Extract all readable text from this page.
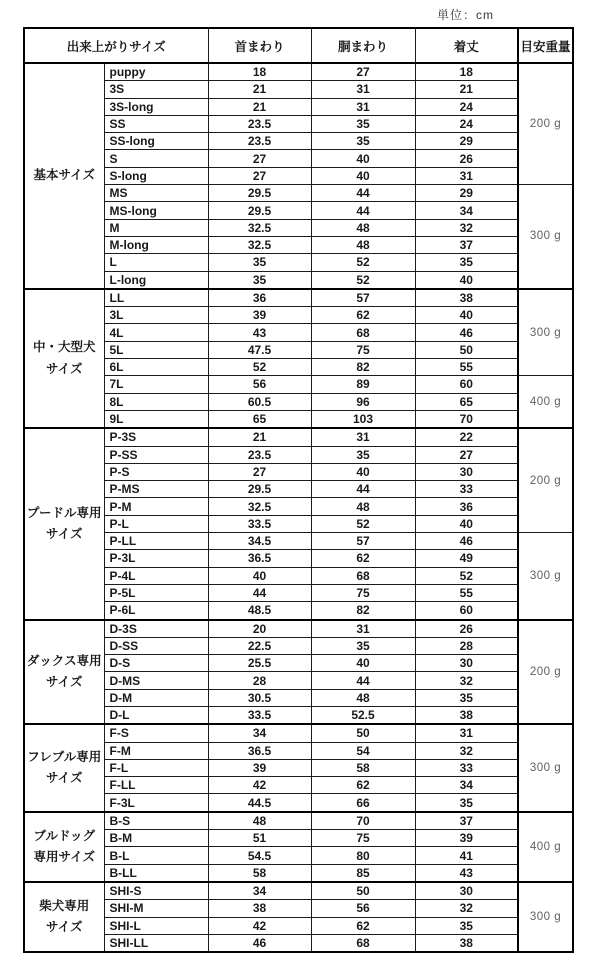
単位：cm
出来上がりサイズ		首まわり	胴まわり	着丈	目安重量

基本サイズ	puppy	18	27	18	200 g
	3S	21	31	21	
	3S-long	21	31	24	
	SS	23.5	35	24	
	SS-long	23.5	35	29	
	S	27	40	26	
	S-long	27	40	31	
	MS	29.5	44	29	300 g
	MS-long	29.5	44	34	
	M	32.5	48	32	
	M-long	32.5	48	37	
	L	35	52	35	
	L-long	35	52	40	

中・大型犬
サイズ	LL	36	57	38	300 g
	3L	39	62	40	
	4L	43	68	46	
	5L	47.5	75	50	
	6L	52	82	55	
	7L	56	89	60	400 g
	8L	60.5	96	65	
	9L	65	103	70	

プードル専用
サイズ	P-3S	21	31	22	200 g
	P-SS	23.5	35	27	
	P-S	27	40	30	
	P-MS	29.5	44	33	
	P-M	32.5	48	36	
	P-L	33.5	52	40	
	P-LL	34.5	57	46	300 g
	P-3L	36.5	62	49	
	P-4L	40	68	52	
	P-5L	44	75	55	
	P-6L	48.5	82	60	

ダックス専用
サイズ	D-3S	20	31	26	200 g
	D-SS	22.5	35	28	
	D-S	25.5	40	30	
	D-MS	28	44	32	
	D-M	30.5	48	35	
	D-L	33.5	52.5	38	

フレブル専用
サイズ	F-S	34	50	31	300 g
	F-M	36.5	54	32	
	F-L	39	58	33	
	F-LL	42	62	34	
	F-3L	44.5	66	35	

ブルドッグ
専用サイズ	B-S	48	70	37	400 g
	B-M	51	75	39	
	B-L	54.5	80	41	
	B-LL	58	85	43	

柴犬専用
サイズ	SHI-S	34	50	30	300 g
	SHI-M	38	56	32	
	SHI-L	42	62	35	
	SHI-LL	46	68	38	
